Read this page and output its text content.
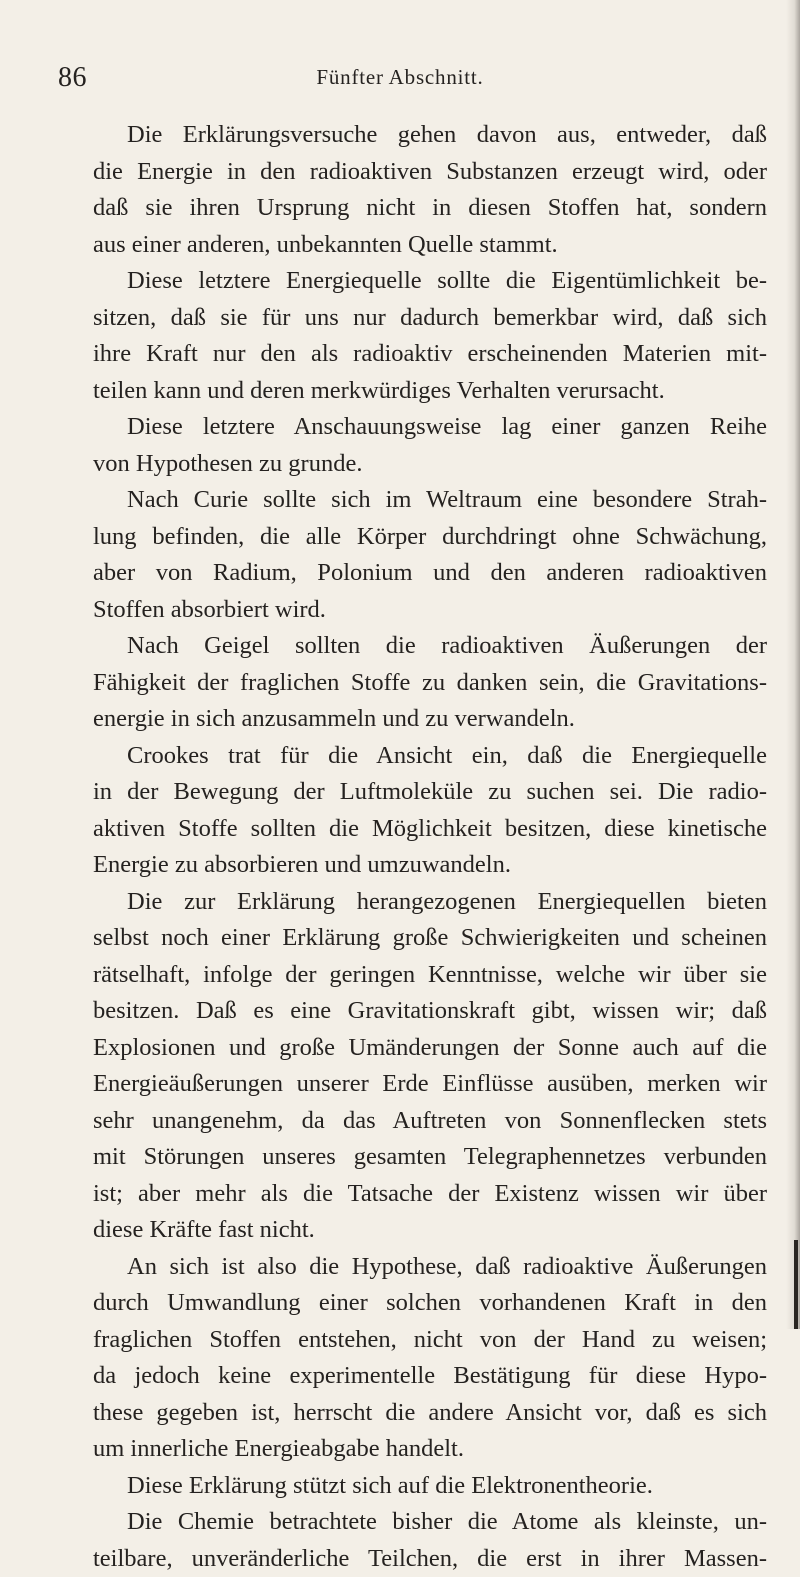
86	Fünfter Abschnitt.
Die Erklärungsversuche gehen davon aus, entweder, daß
die Energie in den radioaktiven Substanzen erzeugt wird, oder
daß sie ihren Ursprung nicht in diesen Stoffen hat, sondern
aus einer anderen, unbekannten Quelle stammt.
Diese letztere Energiequelle sollte die Eigentümlichkeit be-
sitzen, daß sie für uns nur dadurch bemerkbar wird, daß sich
ihre Kraft nur den als radioaktiv erscheinenden Materien mit-
teilen kann und deren merkwürdiges Verhalten verursacht.
Diese letztere Anschauungsweise lag einer ganzen Reihe
von Hypothesen zu grunde.
Nach Curie sollte sich im Weltraum eine besondere Strah-
lung befinden, die alle Körper durchdringt ohne Schwächung,
aber von Radium, Polonium und den anderen radioaktiven
Stoffen absorbiert wird.
Nach Geigel sollten die radioaktiven Äußerungen der
Fähigkeit der fraglichen Stoffe zu danken sein, die Gravitations-
energie in sich anzusammeln und zu verwandeln.
Crookes trat für die Ansicht ein, daß die Energiequelle
in der Bewegung der Luftmoleküle zu suchen sei. Die radio-
aktiven Stoffe sollten die Möglichkeit besitzen, diese kinetische
Energie zu absorbieren und umzuwandeln.
Die zur Erklärung herangezogenen Energiequellen bieten
selbst noch einer Erklärung große Schwierigkeiten und scheinen
rätselhaft, infolge der geringen Kenntnisse, welche wir über sie
besitzen. Daß es eine Gravitationskraft gibt, wissen wir; daß
Explosionen und große Umänderungen der Sonne auch auf die
Energieäußerungen unserer Erde Einflüsse ausüben, merken wir
sehr unangenehm, da das Auftreten von Sonnenflecken stets
mit Störungen unseres gesamten Telegraphennetzes verbunden
ist; aber mehr als die Tatsache der Existenz wissen wir über
diese Kräfte fast nicht.
An sich ist also die Hypothese, daß radioaktive Äußerungen
durch Umwandlung einer solchen vorhandenen Kraft in den
fraglichen Stoffen entstehen, nicht von der Hand zu weisen;
da jedoch keine experimentelle Bestätigung für diese Hypo-
these gegeben ist, herrscht die andere Ansicht vor, daß es sich
um innerliche Energieabgabe handelt.
Diese Erklärung stützt sich auf die Elektronentheorie.
Die Chemie betrachtete bisher die Atome als kleinste, un-
teilbare, unveränderliche Teilchen, die erst in ihrer Massen-
